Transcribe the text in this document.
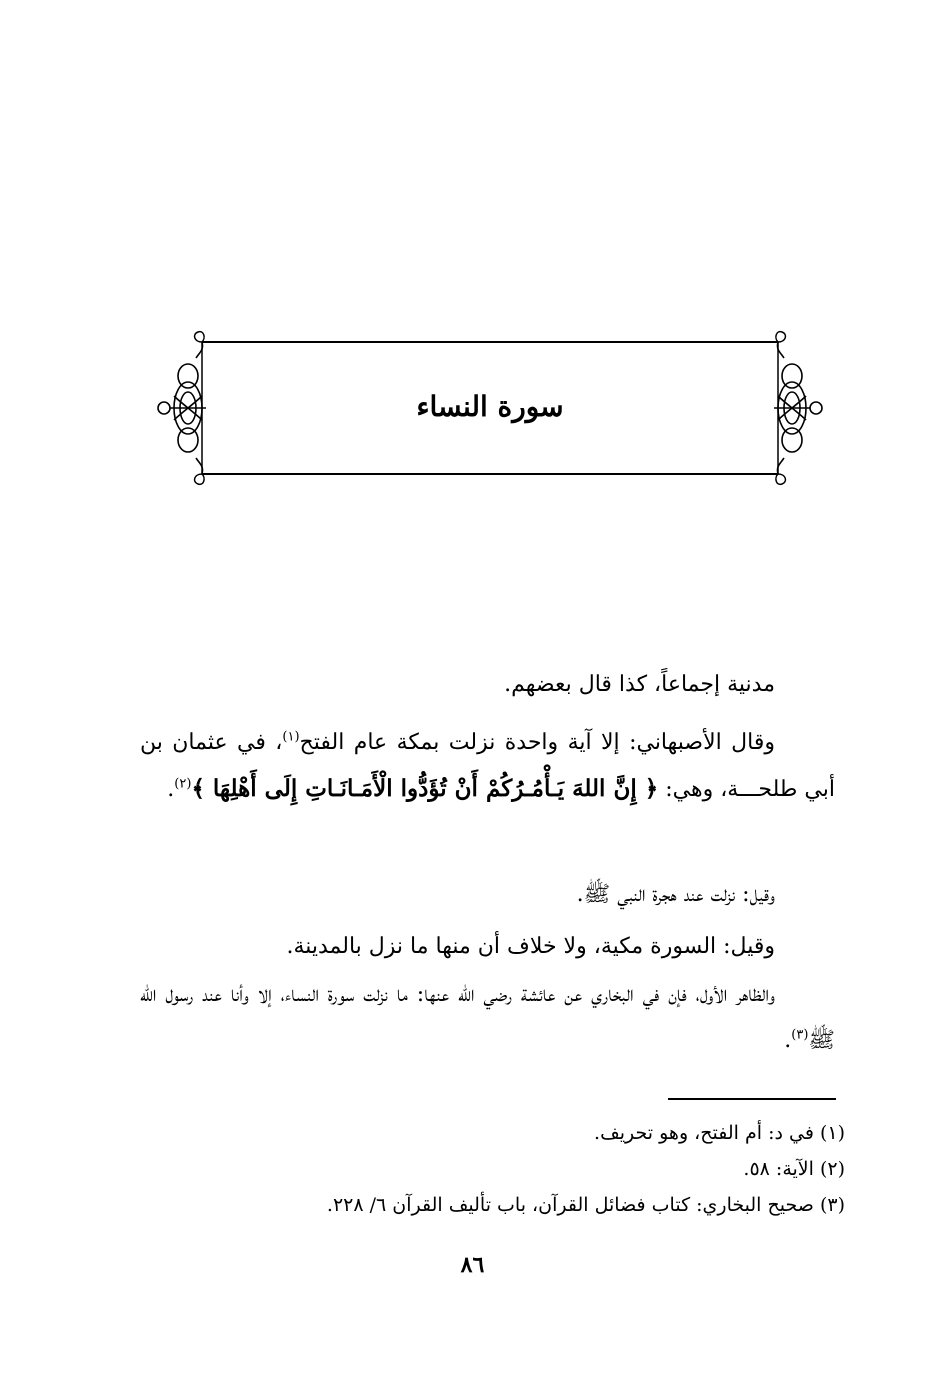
سورة النساء

مدنية إجماعاً، كذا قال بعضهم.

وقال الأصبهاني: إلا آية واحدة نزلت بمكة عام الفتح$^{(١)}$، في عثمان بن أبي طلحـــة، وهي: ﴿ إِنَّ اللهَ يَـأْمُـرُكُمْ أَنْ تُؤَدُّوا الْأَمَـانَـاتِ إِلَى أَهْلِهَا ﴾$^{(٢)}$.

وقيل: نزلت عند هجرة النبي ﷺ.

وقيل: السورة مكية، ولا خلاف أن منها ما نزل بالمدينة.

والظاهر الأول، فإن في البخاري عن عائشة رضي الله عنها: ما نزلت سورة النساء، إلا وأنا عند رسول الله ﷺ$^{(٣)}$.

(١) في د: أم الفتح، وهو تحريف.

(٢) الآية: ٥٨.

(٣) صحيح البخاري: كتاب فضائل القرآن، باب تأليف القرآن ٦/ ٢٢٨.

٨٦
